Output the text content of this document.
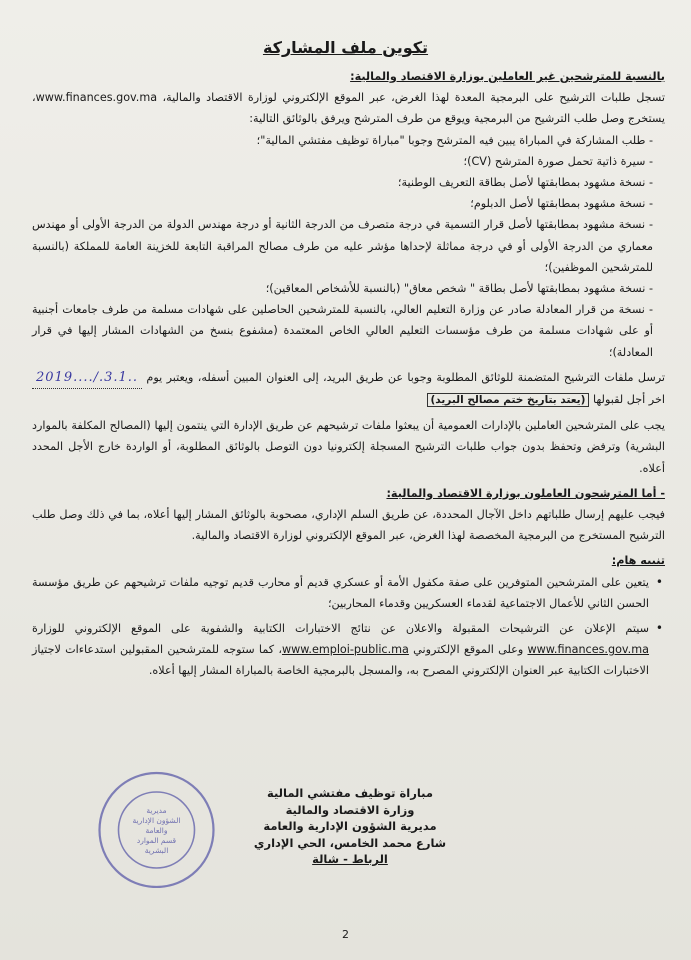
تكوين ملف المشاركة

بالنسبة للمترشحين غير العاملين بوزارة الاقتصاد والمالية:

تسجل طلبات الترشيح على البرمجية المعدة لهذا الغرض، عبر الموقع الإلكتروني لوزارة الاقتصاد والمالية، www.finances.gov.ma، يستخرج وصل طلب الترشيح من البرمجية ويوقع من طرف المترشح ويرفق بالوثائق التالية:

- طلب المشاركة في المباراة يبين فيه المترشح وجوبا "مباراة توظيف مفتشي المالية"؛

- سيرة ذاتية تحمل صورة المترشح (CV)؛

- نسخة مشهود بمطابقتها لأصل بطاقة التعريف الوطنية؛

- نسخة مشهود بمطابقتها لأصل الدبلوم؛

- نسخة مشهود بمطابقتها لأصل قرار التسمية في درجة متصرف من الدرجة الثانية أو درجة مهندس الدولة من الدرجة الأولى أو مهندس معماري من الدرجة الأولى أو في درجة مماثلة لإحداها مؤشر عليه من طرف مصالح المراقبة التابعة للخزينة العامة للمملكة (بالنسبة للمترشحين الموظفين)؛

- نسخة مشهود بمطابقتها لأصل بطاقة " شخص معاق" (بالنسبة للأشخاص المعاقين)؛

- نسخة من قرار المعادلة صادر عن وزارة التعليم العالي، بالنسبة للمترشحين الحاصلين على شهادات مسلمة من طرف جامعات أجنبية أو على شهادات مسلمة من طرف مؤسسات التعليم العالي الخاص المعتمدة (مشفوع بنسخ من الشهادات المشار إليها في قرار المعادلة)؛

ترسل ملفات الترشيح المتضمنة للوثائق المطلوبة وجوبا عن طريق البريد، إلى العنوان المبين أسفله، ويعتبر يوم 2019..../.3.1.. اخر أجل لقبولها (يعتد بتاريخ ختم مصالح البريد)

يجب على المترشحين العاملين بالإدارات العمومية أن يبعثوا ملفات ترشيحهم عن طريق الإدارة التي ينتمون إليها (المصالح المكلفة بالموارد البشرية) وترفض وتحفظ بدون جواب طلبات الترشيح المسجلة إلكترونيا دون التوصل بالوثائق المطلوبة، أو الواردة خارج الأجل المحدد أعلاه.

- أما المترشحون العاملون بوزارة الاقتصاد والمالية:

فيجب عليهم إرسال طلباتهم داخل الآجال المحددة، عن طريق السلم الإداري، مصحوبة بالوثائق المشار إليها أعلاه، بما في ذلك وصل طلب الترشيح المستخرج من البرمجية المخصصة لهذا الغرض، عبر الموقع الإلكتروني لوزارة الاقتصاد والمالية.

تنبيه هام:

•
يتعين على المترشحين المتوفرين على صفة مكفول الأمة أو عسكري قديم أو محارب قديم توجيه ملفات ترشيحهم عن طريق مؤسسة الحسن الثاني للأعمال الاجتماعية لقدماء العسكريين وقدماء المحاربين؛

•
سيتم الإعلان عن الترشيحات المقبولة والاعلان عن نتائج الاختبارات الكتابية والشفوية على الموقع الإلكتروني للوزارة www.finances.gov.ma وعلى الموقع الإلكتروني www.emploi-public.ma، كما ستوجه للمترشحين المقبولين استدعاءات لاجتياز الاختبارات الكتابية عبر العنوان الإلكتروني المصرح به، والمسجل بالبرمجية الخاصة بالمباراة المشار إليها أعلاه.

مديرية
الشؤون الإدارية
والعامة
قسم الموارد
البشرية
مباراة توظيف مفتشي المالية
وزارة الاقتصاد والمالية
مديرية الشؤون الإدارية والعامة
شارع محمد الخامس، الحي الإداري
الرباط - شالة
2
